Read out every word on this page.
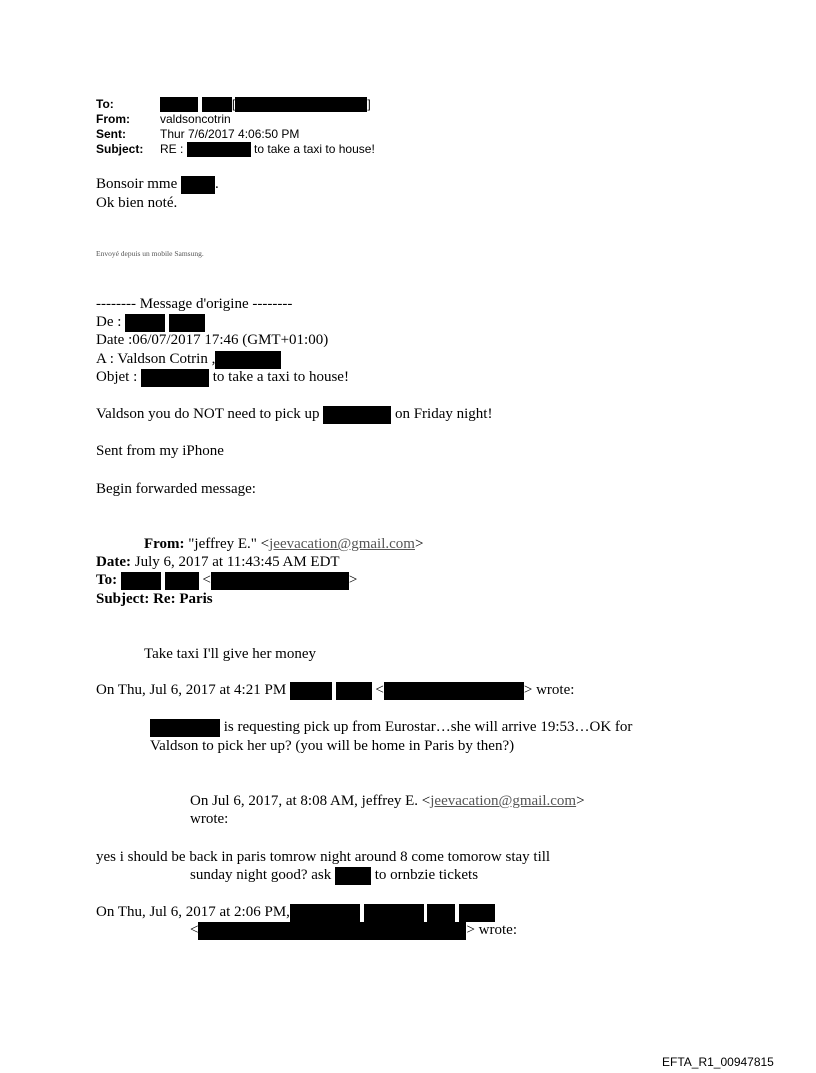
To:	[	]
From:	valdsoncotrin
Sent:	Thur 7/6/2017 4:06:50 PM
Subject: RE :	to take a taxi to house!
Bonsoir mme	.
Ok bien noté.
Envoyé depuis un mobile Samsung.
-------- Message d'origine --------
De :
Date :06/07/2017 17:46 (GMT+01:00)
A : Valdson Cotrin ,
Objet :	to take a taxi to house!
Valdson you do NOT need to pick up	on Friday night!
Sent from my iPhone
Begin forwarded message:
From: "jeffrey E." <jeevacation@gmail.com>
Date: July 6, 2017 at 11:43:45 AM EDT
To:	<	>
Subject: Re: Paris
Take taxi I'll give her money
On Thu, Jul 6, 2017 at 4:21 PM	<	> wrote:
is requesting pick up from Eurostar…she will arrive 19:53…OK for
Valdson to pick her up? (you will be home in Paris by then?)
On Jul 6, 2017, at 8:08 AM, jeffrey E. <jeevacation@gmail.com>
wrote:
yes i should be back in paris tomrow night around 8 come tomorow stay till
sunday night good? ask	to ornbzie tickets
On Thu, Jul 6, 2017 at 2:06 PM,
<	> wrote:
EFTA_R1_00947815
